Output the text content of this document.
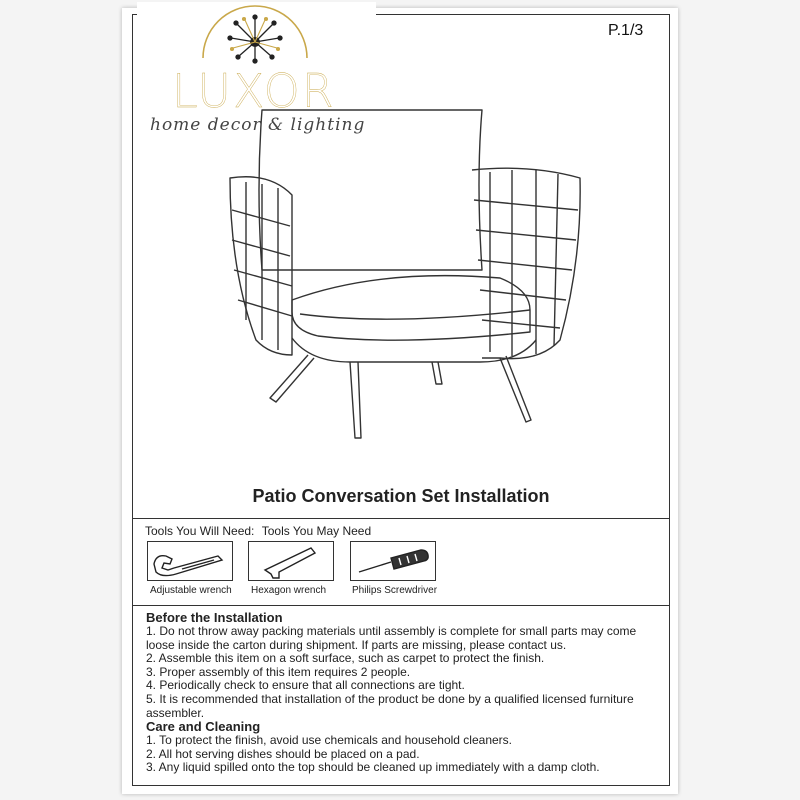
P.1/3
LUXOR
home decor & lighting
Patio Conversation Set Installation
Tools You Will Need: Tools You May Need
Adjustable wrench Hexagon wrench	Philips Screwdriver

Before the Installation

1. Do not throw away packing materials until assembly is complete for small parts may come loose inside the carton during shipment. If parts are missing, please contact us.

2. Assemble this item on a soft surface, such as carpet to protect the finish.

3. Proper assembly of this item requires 2 people.

4. Periodically check to ensure that all connections are tight.

5. It is recommended that installation of the product be done by a qualified licensed furniture assembler.

Care and Cleaning

1. To protect the finish, avoid use chemicals and household cleaners.

2. All hot serving dishes should be placed on a pad.

3. Any liquid spilled onto the top should be cleaned up immediately with a damp cloth.
